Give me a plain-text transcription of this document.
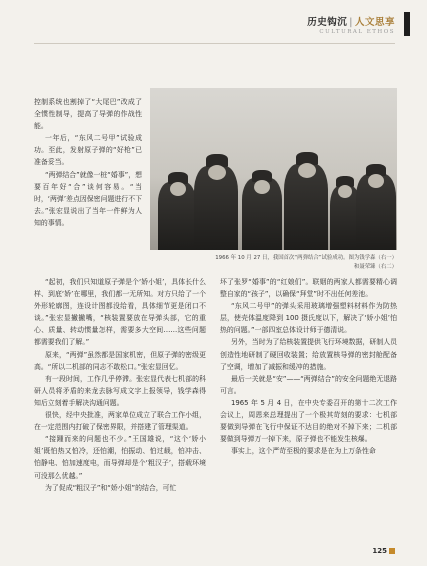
历史钩沉 | 人文思享
CULTURAL ETHOS

控制系统也割掉了“大尾巴”改成了全惯性制导，提高了导弹的作战性能。

一年后，“东风二号甲”试验成功。至此，发射原子弹的“好枪”已准备妥当。

“两弹结合”就像一桩“婚事”，想要百年好“合”谈何容易。“当时，‘两弹’差点因保密问题进行不下去。”张宏显说出了当年一件鲜为人知的事情。

1966 年 10 月 27 日，我国首次“两弹结合”试验成功。图为钱学森（右一）
和聂荣臻（右二）

“起初，我们只知道原子弹是个‘娇小姐’，具体长什么样、到底‘娇’在哪里，我们都一无所知。对方只给了一个外形轮廓图，连设计图都没给看，具体细节更是闭口不谈。”张宏显撇撇嘴，“核装置要放在导弹头部，它的重心、质量、转动惯量怎样，需要多大空间……这些问题都需要我们了解。”

原来，“两弹”虽然都是国家机密，但原子弹的密级更高。“所以二机部的同志不敢松口。”张宏显回忆。

有一段时间，工作几乎停滞。张宏显代表七机部的科研人员将矛盾的来龙去脉写成文字上报领导，钱学森得知后立刻着手解决沟通问题。

很快，经中央批准，两家单位成立了联合工作小组，在一定范围内打破了保密界限，并搭建了管理渠道。

“接踵而来的问题也不少。”王国雄说，“这个‘娇小姐’既怕热又怕冷，还怕潮，怕振动、怕过载，怕冲击、怕静电、怕加速度电，而导弹却是个‘粗汉子’，搭载环境可没那么优越。”

为了促成“粗汉子”和“娇小姐”的结合，可忙

坏了张罗“婚事”的“红娘们”。联姻的两家人都需要精心调整自家的“孩子”，以确保“拜堂”时不出任何差池。

“东风二号甲”的弹头采用玻璃增强塑料材料作为防热层，使壳体温度降到 100 摄氏度以下，解决了‘娇小姐’怕热的问题。”一部四室总体设计师于德清说。

另外，当时为了给核装置提供飞行环境数据，研制人员创造性地研制了硬回收装置；给放置核导弹的密封舱配备了空调，增加了减振和缓冲的措施。

最后一关就是“安”——“两弹结合”的安全问题绝无退路可言。

1965 年 5 月 4 日，在中央专委召开的第十二次工作会议上，周恩来总理提出了一个极其苛刻的要求：七机部要做到导弹在飞行中保证不达目的绝对不掉下来；二机部要做到导弹万一掉下来，原子弹也不能发生核爆。

事实上，这个严苛至极的要求是在为上万条性命

125
